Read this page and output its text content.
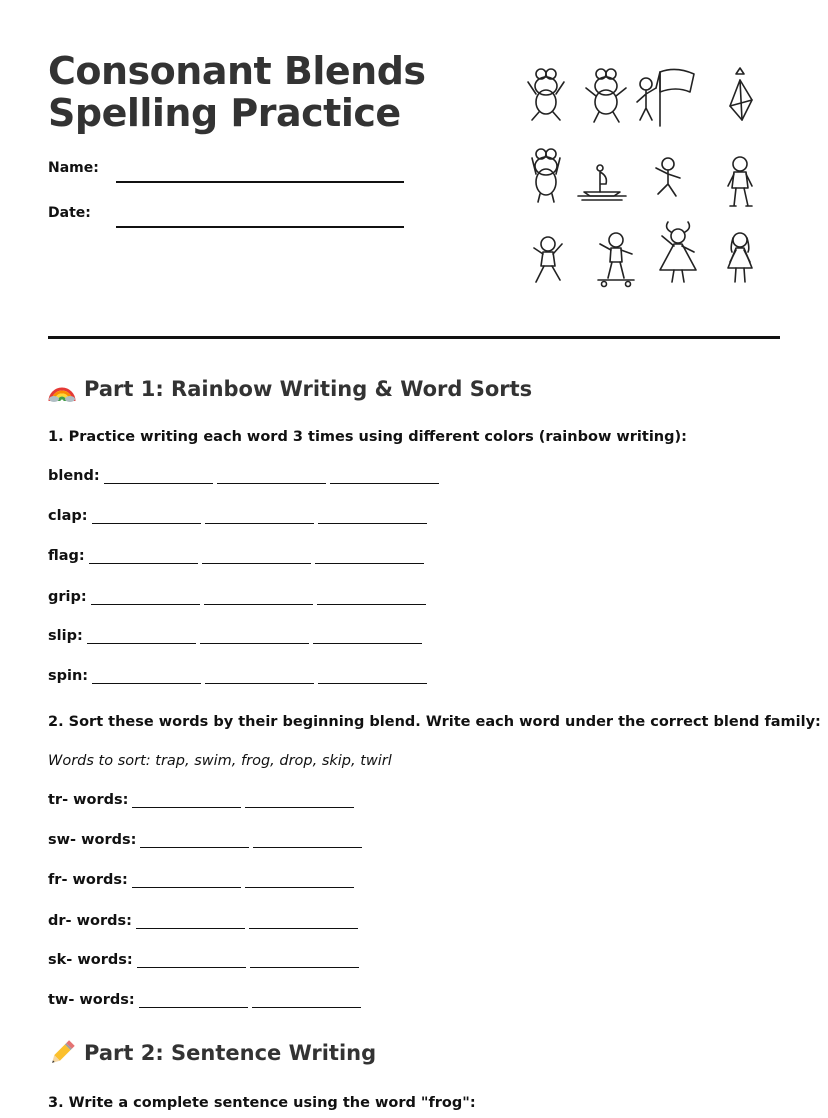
Consonant Blends
Spelling Practice
Name:
Date:
Part 1: Rainbow Writing & Word Sorts
1. Practice writing each word 3 times using different colors (rainbow writing):
blend:
clap:
flag:
grip:
slip:
spin:
2. Sort these words by their beginning blend. Write each word under the correct blend family:
Words to sort: trap, swim, frog, drop, skip, twirl
tr- words:
sw- words:
fr- words:
dr- words:
sk- words:
tw- words:
Part 2: Sentence Writing
3. Write a complete sentence using the word "frog":
